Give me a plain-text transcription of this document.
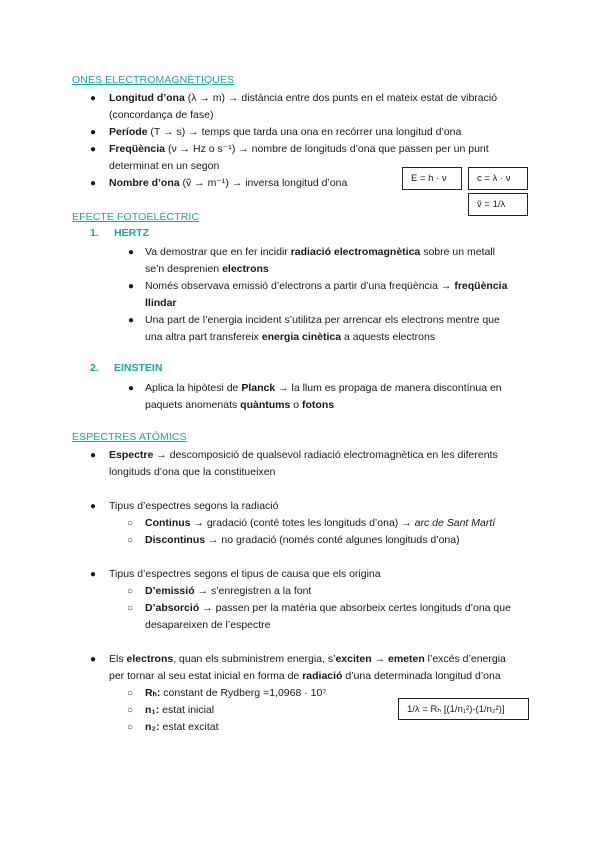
ONES ELECTROMAGNÈTIQUES
● Longitud d’ona (λ → m) → distància entre dos punts en el mateix estat de vibració
(concordança de fase)
● Període (T → s) → temps que tarda una ona en recórrer una longitud d’ona
● Freqüència (ν → Hz o s⁻¹) → nombre de longituds d’ona que passen per un punt
determinat en un segon
● Nombre d’ona (ṽ → m⁻¹) → inversa longitud d’ona	E = h · ν	c = λ · ν
ṽ = 1/λ
EFECTE FOTOELÈCTRIC
1. HERTZ
● Va demostrar que en fer incidir radiació electromagnètica sobre un metall
se’n desprenien electrons
● Només observava emissió d’electrons a partir d’una freqüència → freqüència
llindar
● Una part de l’energia incident s’utilitza per arrencar els electrons mentre que
una altra part transfereix energia cinètica a aquests electrons
2. EINSTEIN
● Aplica la hipòtesi de Planck → la llum es propaga de manera discontínua en
paquets anomenats quàntums o fotons
ESPECTRES ATÒMICS
● Espectre → descomposició de qualsevol radiació electromagnètica en les diferents
longituds d’ona que la constitueixen
● Tipus d’espectres segons la radiació
○ Continus → gradació (conté totes les longituds d’ona) → arc de Sant Martí
○ Discontinus → no gradació (només conté algunes longituds d’ona)
● Tipus d’espectres segons el tipus de causa que els origina
○ D’emissió → s’enregistren a la font
○ D’absorció → passen per la matèria que absorbeix certes longituds d’ona que
desapareixen de l’espectre
● Els electrons, quan els subministrem energia, s’exciten → emeten l’excés d’energia
per tornar al seu estat inicial en forma de radiació d’una determinada longitud d’ona
○ Rₕ: constant de Rydberg =1,0968 · 10⁷
○ n₁: estat inicial
○ n₂: estat excitat
1/λ = Rₕ [(1/n₁²)-(1/n₂²)]
